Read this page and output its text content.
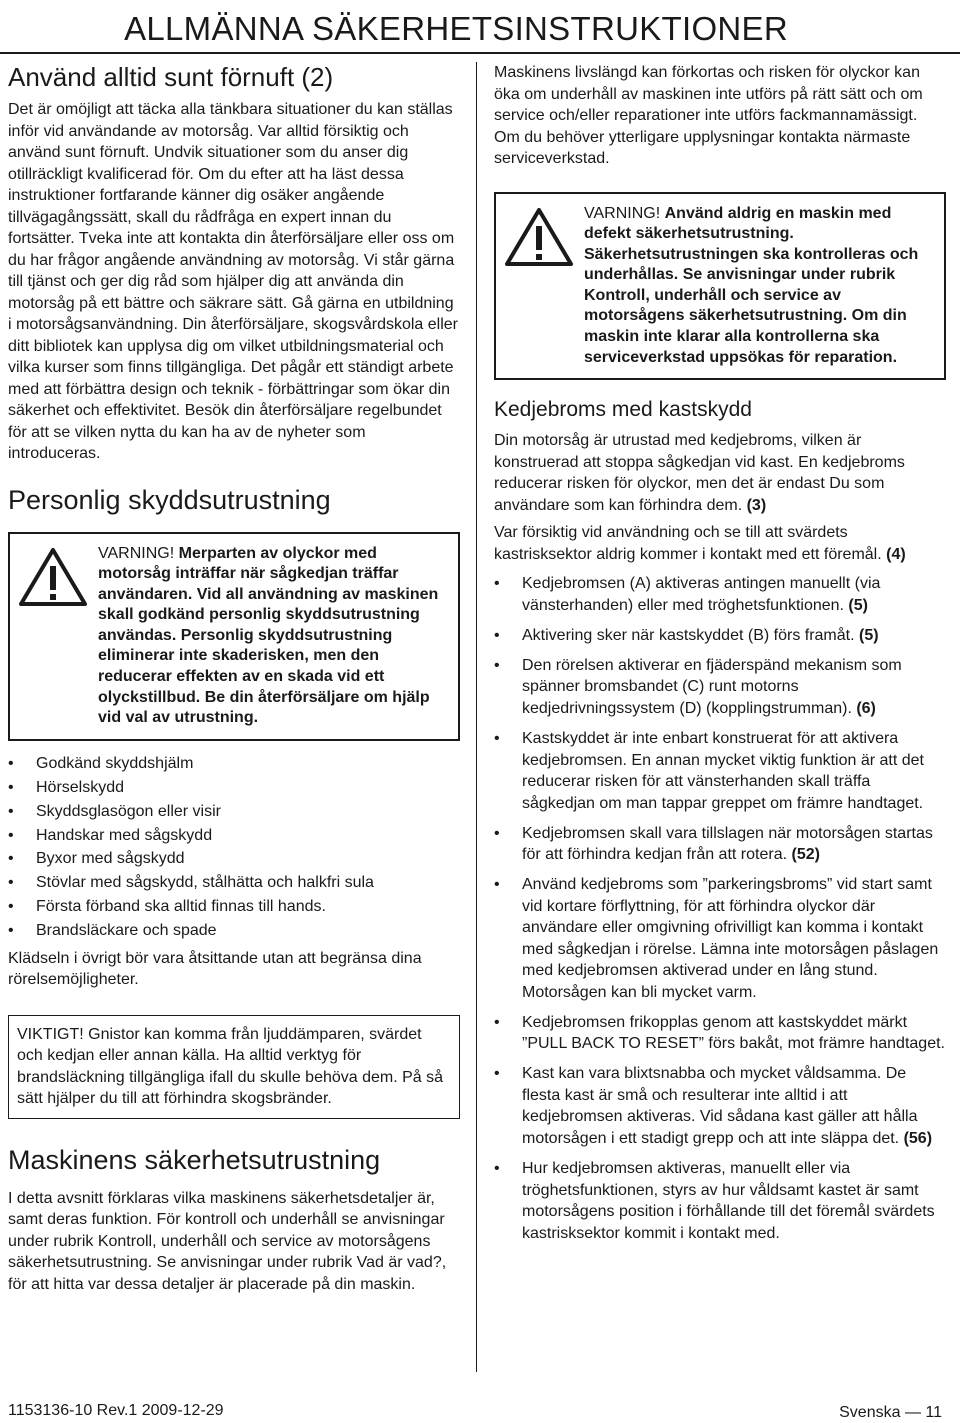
ALLMÄNNA SÄKERHETSINSTRUKTIONER
Använd alltid sunt förnuft (2)

Det är omöjligt att täcka alla tänkbara situationer du kan ställas inför vid användande av motorsåg. Var alltid försiktig och använd sunt förnuft. Undvik situationer som du anser dig otillräckligt kvalificerad för. Om du efter att ha läst dessa instruktioner fortfarande känner dig osäker angående tillvägagångssätt, skall du rådfråga en expert innan du fortsätter. Tveka inte att kontakta din återförsäljare eller oss om du har frågor angående användning av motorsåg. Vi står gärna till tjänst och ger dig råd som hjälper dig att använda din motorsåg på ett bättre och säkrare sätt. Gå gärna en utbildning i motorsågsanvändning. Din återförsäljare, skogsvårdskola eller ditt bibliotek kan upplysa dig om vilket utbildningsmaterial och vilka kurser som finns tillgängliga. Det pågår ett ständigt arbete med att förbättra design och teknik - förbättringar som ökar din säkerhet och effektivitet. Besök din återförsäljare regelbundet för att se vilken nytta du kan ha av de nyheter som introduceras.

Personlig skyddsutrustning
VARNING! Merparten av olyckor med motorsåg inträffar när sågkedjan träffar användaren. Vid all användning av maskinen skall godkänd personlig skyddsutrustning användas. Personlig skyddsutrustning eliminerar inte skaderisken, men den reducerar effekten av en skada vid ett olyckstillbud. Be din återförsäljare om hjälp vid val av utrustning.
• Godkänd skyddshjälm
• Hörselskydd
• Skyddsglasögon eller visir
• Handskar med sågskydd
• Byxor med sågskydd
• Stövlar med sågskydd, stålhätta och halkfri sula
• Första förband ska alltid finnas till hands.
• Brandsläckare och spade

Klädseln i övrigt bör vara åtsittande utan att begränsa dina rörelsemöjligheter.

VIKTIGT! Gnistor kan komma från ljuddämparen, svärdet och kedjan eller annan källa. Ha alltid verktyg för brandsläckning tillgängliga ifall du skulle behöva dem. På så sätt hjälper du till att förhindra skogsbränder.
Maskinens säkerhetsutrustning

I detta avsnitt förklaras vilka maskinens säkerhetsdetaljer är, samt deras funktion. För kontroll och underhåll se anvisningar under rubrik Kontroll, underhåll och service av motorsågens säkerhetsutrustning. Se anvisningar under rubrik Vad är vad?, för att hitta var dessa detaljer är placerade på din maskin.

Maskinens livslängd kan förkortas och risken för olyckor kan öka om underhåll av maskinen inte utförs på rätt sätt och om service och/eller reparationer inte utförs fackmannamässigt. Om du behöver ytterligare upplysningar kontakta närmaste serviceverkstad.

VARNING! Använd aldrig en maskin med defekt säkerhetsutrustning. Säkerhetsutrustningen ska kontrolleras och underhållas. Se anvisningar under rubrik Kontroll, underhåll och service av motorsågens säkerhetsutrustning. Om din maskin inte klarar alla kontrollerna ska serviceverkstad uppsökas för reparation.
Kedjebroms med kastskydd

Din motorsåg är utrustad med kedjebroms, vilken är konstruerad att stoppa sågkedjan vid kast. En kedjebroms reducerar risken för olyckor, men det är endast Du som användare som kan förhindra dem. (3)

Var försiktig vid användning och se till att svärdets kastrisksektor aldrig kommer i kontakt med ett föremål. (4)

• Kedjebromsen (A) aktiveras antingen manuellt (via vänsterhanden) eller med tröghetsfunktionen. (5)
• Aktivering sker när kastskyddet (B) förs framåt. (5)
• Den rörelsen aktiverar en fjäderspänd mekanism som spänner bromsbandet (C) runt motorns kedjedrivningssystem (D) (kopplingstrumman). (6)
• Kastskyddet är inte enbart konstruerat för att aktivera kedjebromsen. En annan mycket viktig funktion är att det reducerar risken för att vänsterhanden skall träffa sågkedjan om man tappar greppet om främre handtaget.
• Kedjebromsen skall vara tillslagen när motorsågen startas för att förhindra kedjan från att rotera. (52)
• Använd kedjebroms som ”parkeringsbroms” vid start samt vid kortare förflyttning, för att förhindra olyckor där användare eller omgivning ofrivilligt kan komma i kontakt med sågkedjan i rörelse. Lämna inte motorsågen påslagen med kedjebromsen aktiverad under en lång stund. Motorsågen kan bli mycket varm.
• Kedjebromsen frikopplas genom att kastskyddet märkt ”PULL BACK TO RESET” förs bakåt, mot främre handtaget.
• Kast kan vara blixtsnabba och mycket våldsamma. De flesta kast är små och resulterar inte alltid i att kedjebromsen aktiveras. Vid sådana kast gäller att hålla motorsågen i ett stadigt grepp och att inte släppa det. (56)
• Hur kedjebromsen aktiveras, manuellt eller via tröghetsfunktionen, styrs av hur våldsamt kastet är samt motorsågens position i förhållande till det föremål svärdets kastrisksektor kommit i kontakt med.
1153136-10 Rev.1 2009-12-29	Svenska — 11
